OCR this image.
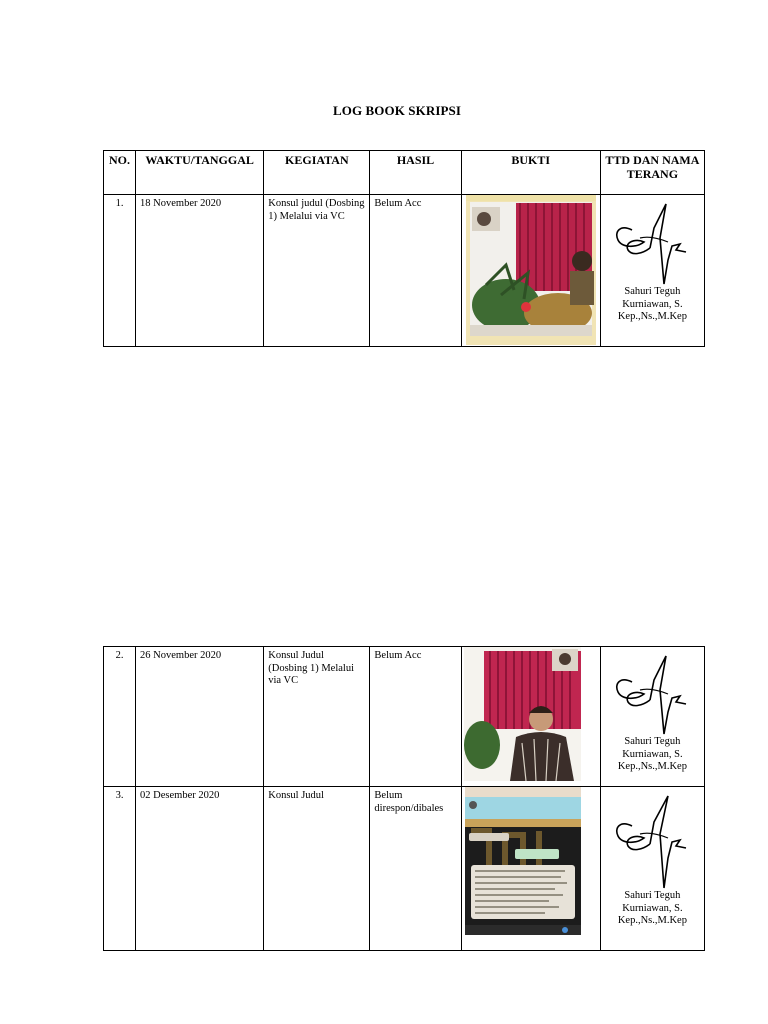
LOG BOOK SKRIPSI
NO.	WAKTU/TANGGAL	KEGIATAN	HASIL	BUKTI	TTD DAN NAMA TERANG
1.	18 November 2020	Konsul judul (Dosbing 1) Melalui via VC	Belum Acc		Sahuri Teguh Kurniawan, S. Kep.,Ns.,M.Kep
2.	26 November 2020	Konsul Judul (Dosbing 1) Melalui via VC	Belum Acc		Sahuri Teguh Kurniawan, S. Kep.,Ns.,M.Kep

3.	02 Desember 2020	Konsul Judul	Belum direspon/dibales		Sahuri Teguh Kurniawan, S. Kep.,Ns.,M.Kep
